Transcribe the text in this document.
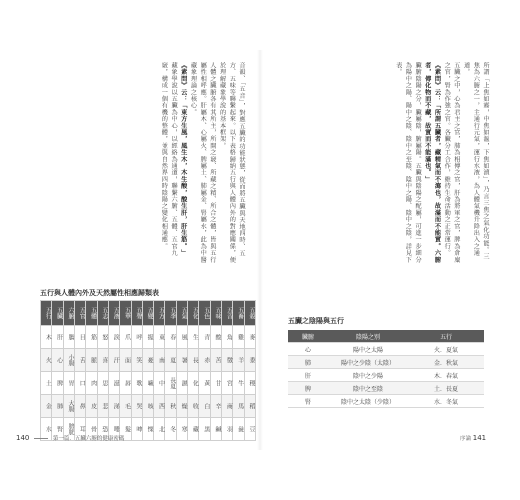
音韻、「五音」，對應五臟的功能狀態，從而將五臟與天地四時、五方、五味等聯繫起來。以下表格歸納五行與人體內外的對應關係，便於理解藏象學說的基本框架。

人體之臟腑各有其所主，所開之竅、所藏之精、所合之體，皆與五行屬性相呼應。肝屬木、心屬火、脾屬土、肺屬金、腎屬水，此為中醫藏象理論之核心。

《素問》云：「東方生風，風生木，木生酸，酸生肝，肝生筋。」

藏象學說以五臟為中心，以經絡為通道，聯繫六腑、五體、五官九竅，構成一個有機的整體，並與自然界四時陰陽之變化相通應。

五行與人體內外及天然屬性相應歸類表
五行	五臟	六腑	五官	五體	五志	五液	五華	五聲	五變	五方	五季	五氣	五化	五色	五味	五音	五畜	五穀
木	肝	膽	目	筋	怒	淚	爪	呼	握	東	春	風	生	青	酸	角	雞	麥
火	心	小腸	舌	脈	喜	汗	面	笑	憂	南	夏	暑	長	赤	苦	徵	羊	黍
土	脾	胃	口	肉	思	涎	唇	歌	噦	中	長夏	濕	化	黃	甘	宮	牛	稷
金	肺	大腸	鼻	皮	悲	涕	毛	哭	咳	西	秋	燥	收	白	辛	商	馬	稻
水	腎	膀胱	耳	骨	恐	唾	髮	呻	慄	北	冬	寒	藏	黑	鹹	羽	彘	豆
140	第一篇．五臟六腑的健康密碼

所謂「上焦如霧，中焦如漚，下焦如瀆」，乃言三焦之氣化功能。三焦為六腑之一，主通行元氣，運行水液，為人體氣機升降出入之通道。

五臟之中，心為君主之官，肺為相傅之官，肝為將軍之官，脾為倉廩之官，腎為作強之官。各臟分工合作，維持生命活動之正常運行。

《素問》云：「所謂五臟者，藏精氣而不瀉也，故滿而不能實。六腑者，傳化物而不藏，故實而不能滿也。」

臟腑陰陽之分，臟屬陰，腑屬陽。五臟與陰陽之配屬，可進一步細分為陽中之陽、陽中之陰、陰中之至陰、陰中之陽、陰中之陰，詳見下表。

五臟之陰陽與五行
臟腑	陰陽之別	五行
心	陽中之太陽	火．夏氣
肺	陽中之少陰（太陰）	金．秋氣
肝	陰中之少陽	木．春氣
脾	陰中之至陰	土．長夏
腎	陰中之太陰（少陰）	水．冬氣
序論 141
